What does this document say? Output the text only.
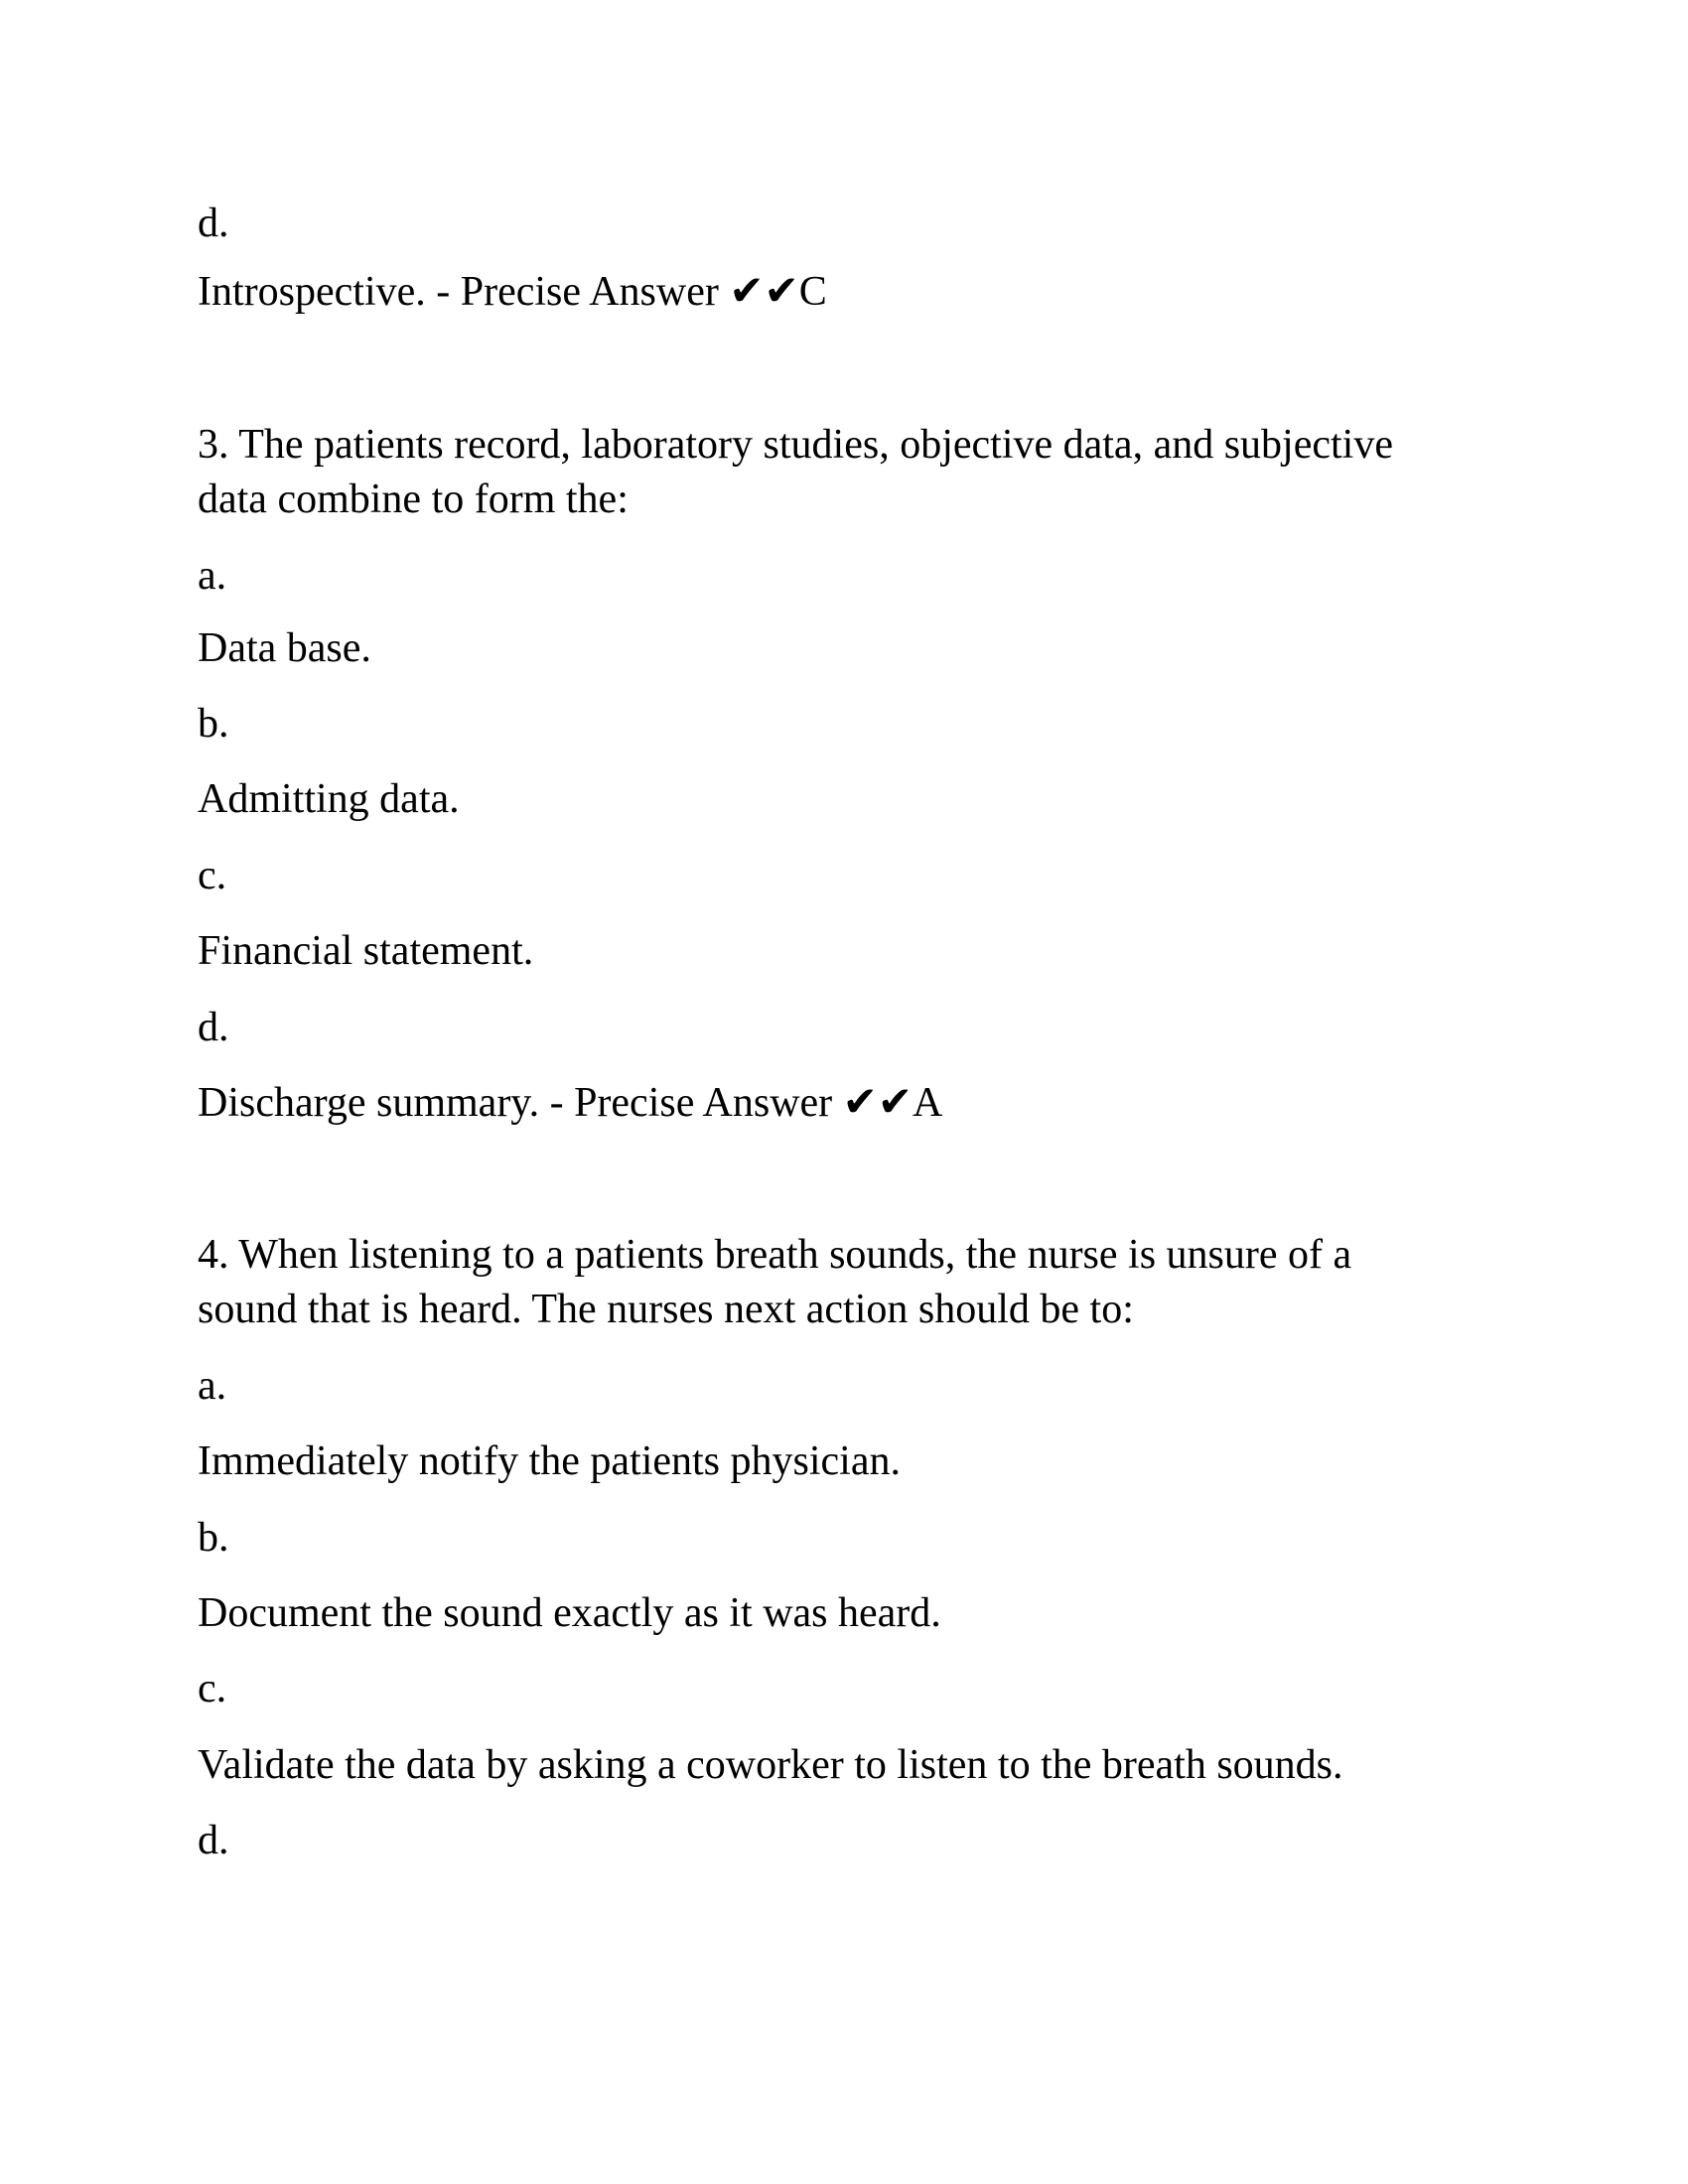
d.
Introspective. - Precise Answer ✔✔C
3. The patients record, laboratory studies, objective data, and subjective
data combine to form the:
a.
Data base.
b.
Admitting data.
c.
Financial statement.
d.
Discharge summary. - Precise Answer ✔✔A
4. When listening to a patients breath sounds, the nurse is unsure of a
sound that is heard. The nurses next action should be to:
a.
Immediately notify the patients physician.
b.
Document the sound exactly as it was heard.
c.
Validate the data by asking a coworker to listen to the breath sounds.
d.
